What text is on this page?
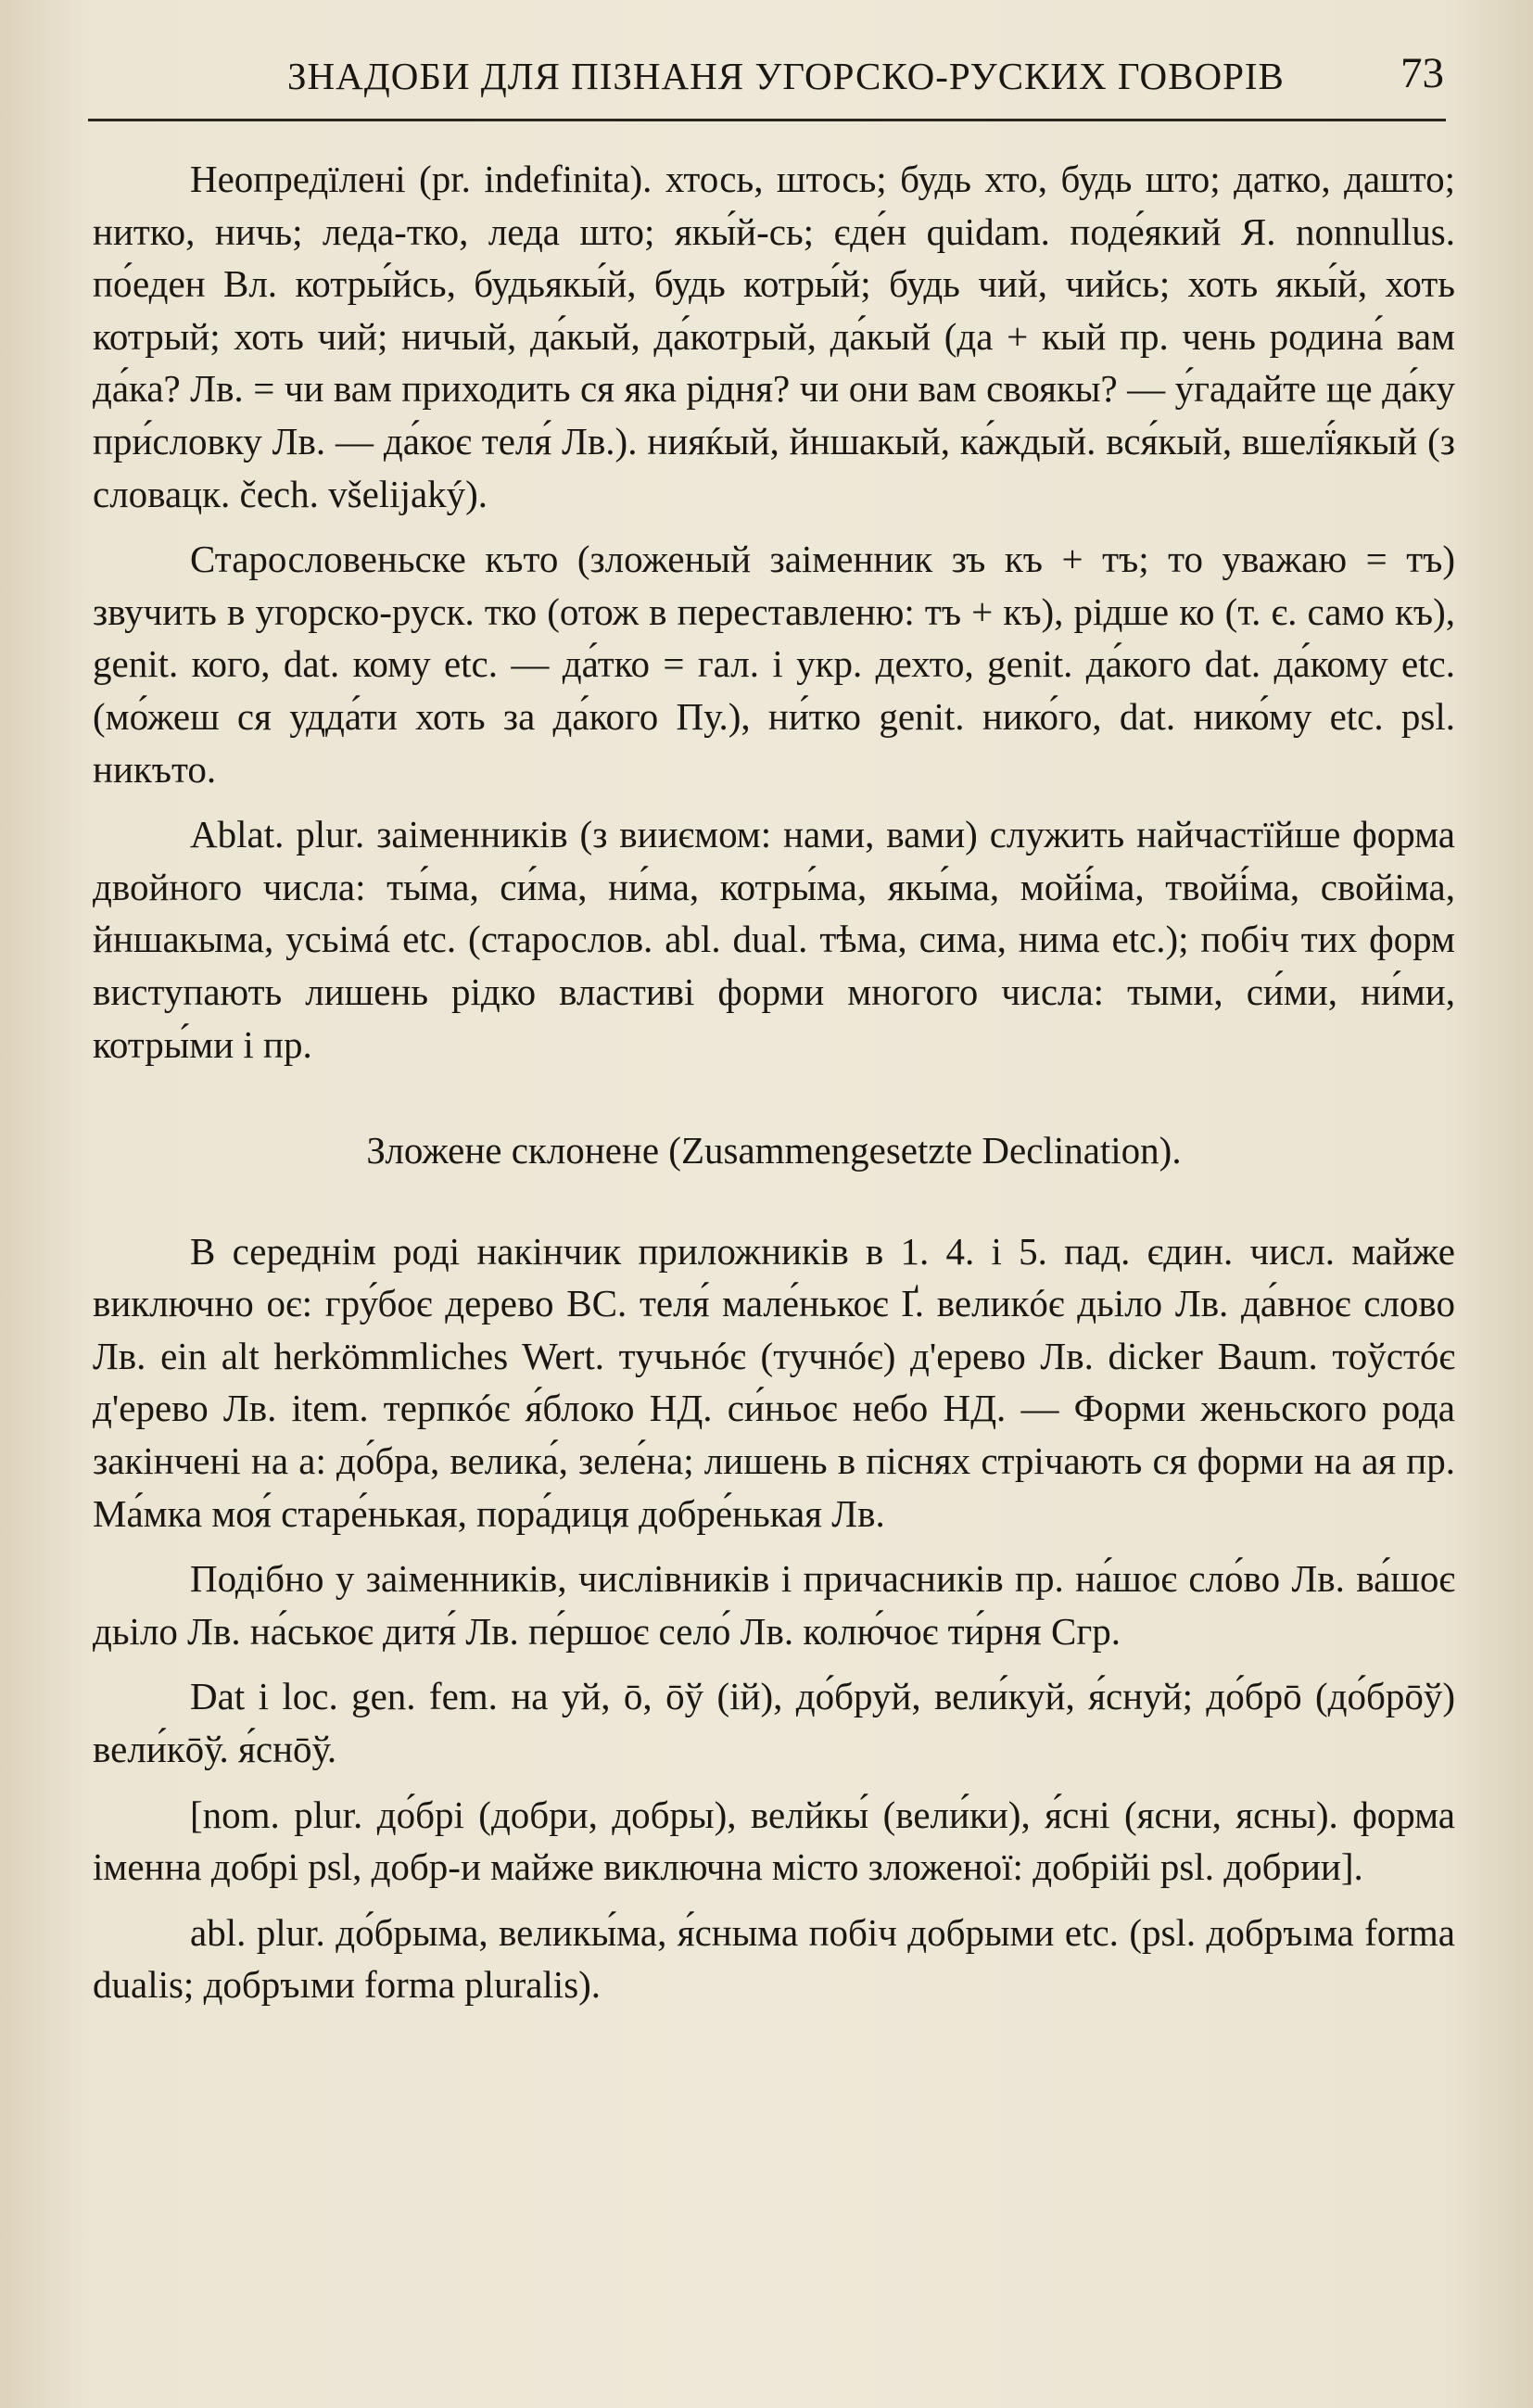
ЗНАДОБИ ДЛЯ ПІЗНАНЯ УГОРСКО-РУСКИХ ГОВОРІВ	73

Неопредїлені (pr. indefinita). хтось, штось; будь хто, будь што; датко, дашто; нитко, ничь; леда-тко, леда што; якы́й-сь; єде́н quidam. поде́який Я. nonnullus. по́еден Вл. котры́йсь, будьякы́й, будь котры́й; будь чий, чийсь; хоть якы́й, хоть котрый; хоть чий; ничый, да́кый, да́котрый, да́кый (да + кый пр. чень родина́ вам да́ка? Лв. = чи вам приходить ся яка рідня? чи они вам своякы? — у́гадайте ще да́ку при́словку Лв. — да́коє теля́ Лв.). нияќый, йншакый, ка́ждый. вся́кый, вшелї́якый (з словацк. čech. všelijaký).

Старословеньске къто (зложеный заіменник зъ къ + тъ; то уважаю = тъ) звучить в угорско-руск. тко (отож в переставленю: тъ + къ), рідше ко (т. є. само къ), genit. кого, dat. кому etc. — да́тко = гал. і укр. дехто, genit. да́кого dat. да́кому etc. (мо́жеш ся удда́ти хоть за да́кого Пу.), ни́тко genit. нико́го, dat. нико́му etc. psl. никъто.

Ablat. plur. заіменників (з вииємом: нами, вами) служить найчастїйше форма двойного числа: ты́ма, си́ма, ни́ма, котры́ма, якы́ма, мойі́ма, твойі́ма, свойіма, йншакыма, усьімá etc. (старослов. abl. dual. тѣма, сима, нима etc.); побіч тих форм виступають лишень рідко властиві форми многого числа: тыми, си́ми, ни́ми, котры́ми і пр.

Зложене склонене (Zusammengesetzte Declination).

В середнім роді накінчик приложників в 1. 4. і 5. пад. єдин. числ. майже виключно оє: гру́боє дерево ВС. теля́ мале́нькоє Ґ. великóє дьіло Лв. да́вноє слово Лв. ein alt herkömmliches Wert. тучьнóє (тучнóє) д'ерево Лв. dicker Baum. тоўстóє д'ерево Лв. item. терпкóє я́блоко НД. си́ньоє небо НД. — Форми женьского рода закінчені на а: до́бра, велика́, зеле́на; лишень в піснях стрічають ся форми на ая пр. Ма́мка моя́ старе́нькая, пора́диця добре́нькая Лв.

Подібно у заіменників, числівників і причасників пр. на́шоє сло́во Лв. ва́шоє дьіло Лв. на́ськоє дитя́ Лв. пе́ршоє село́ Лв. колю́чоє ти́рня Сгр.

Dat і loc. gen. fem. на уй, ō, ōў (ій), до́бруй, вели́куй, я́снуй; до́брō (до́брōў) вели́кōў. я́снōў.

[nom. plur. до́брі (добри, добры), велйкы́ (вели́ки), я́сні (ясни, ясны). форма іменна добрі psl, добр-и майже виключна місто зложеної: добрійі psl. добрии].

abl. plur. до́брыма, великы́ма, я́сныма побіч добрыми etc. (psl. добръıма forma dualis; добръıми forma pluralis).
